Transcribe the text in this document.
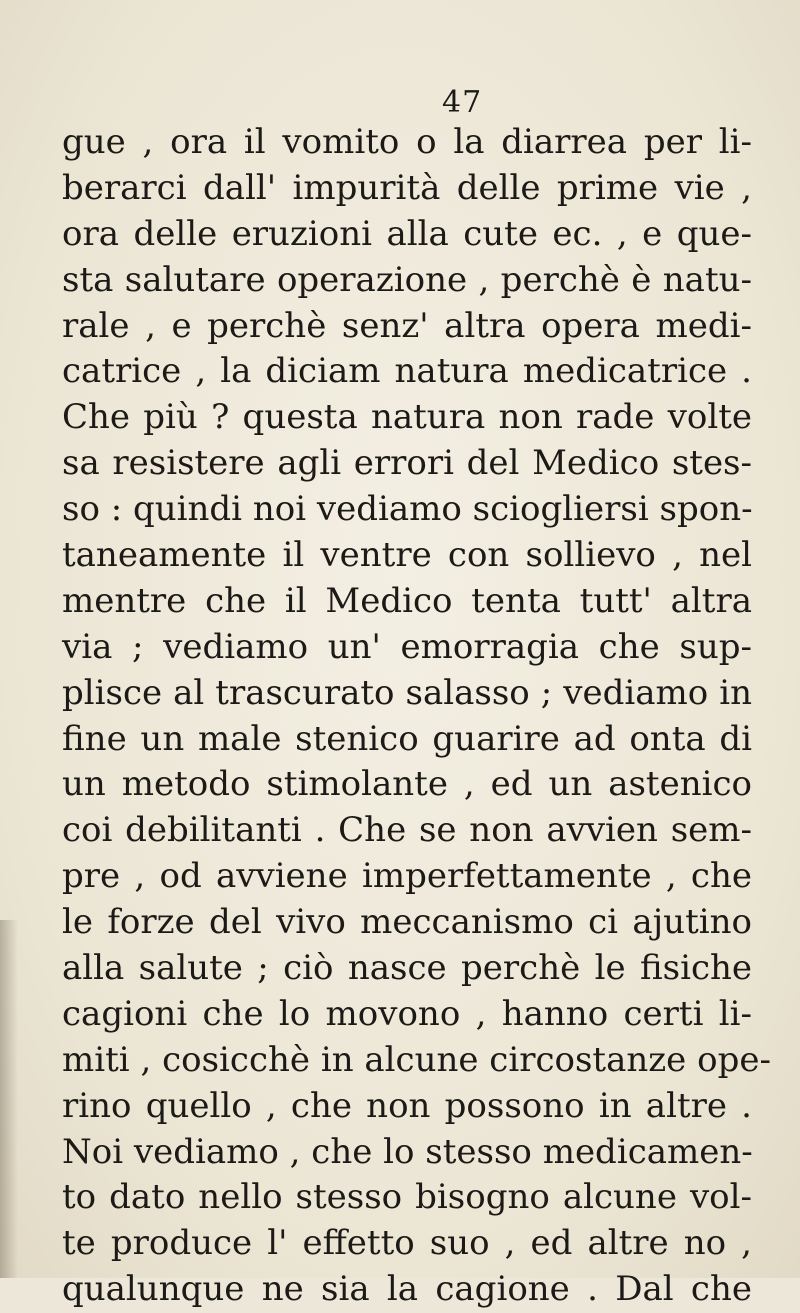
47
gue , ora il vomito o la diarrea per li-
berarci dall' impurità delle prime vie ,
ora delle eruzioni alla cute ec. , e que-
sta salutare operazione , perchè è natu-
rale , e perchè senz' altra opera medi-
catrice , la diciam natura medicatrice .
Che più ? questa natura non rade volte
sa resistere agli errori del Medico stes-
so : quindi noi vediamo sciogliersi spon-
taneamente il ventre con sollievo , nel
mentre che il Medico tenta tutt' altra
via ; vediamo un' emorragia che sup-
plisce al trascurato salasso ; vediamo in
fine un male stenico guarire ad onta di
un metodo stimolante , ed un astenico
coi debilitanti . Che se non avvien sem-
pre , od avviene imperfettamente , che
le forze del vivo meccanismo ci ajutino
alla salute ; ciò nasce perchè le fisiche
cagioni che lo movono , hanno certi li-
miti , cosicchè in alcune circostanze ope-
rino quello , che non possono in altre .
Noi vediamo , che lo stesso medicamen-
to dato nello stesso bisogno alcune vol-
te produce l' effetto suo , ed altre no ,
qualunque ne sia la cagione . Dal che
